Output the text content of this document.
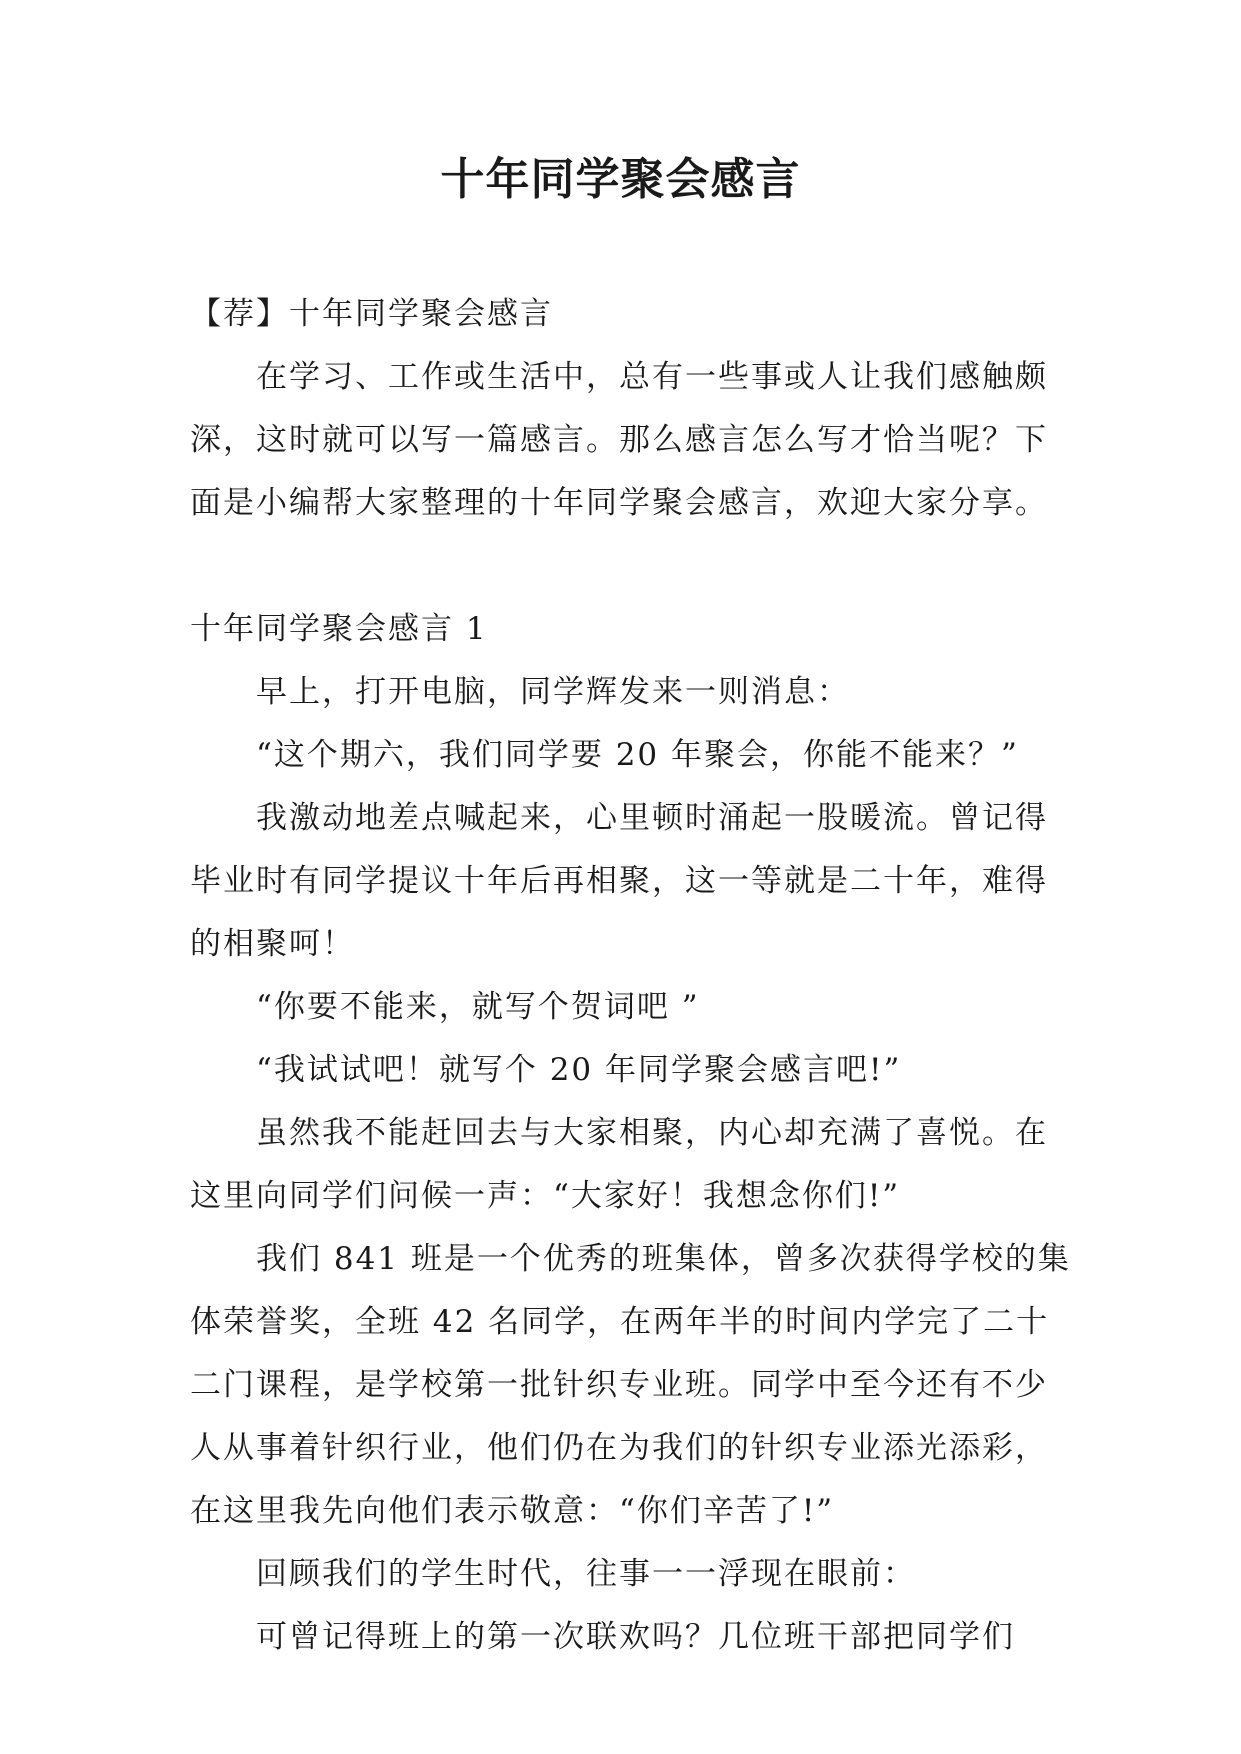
十年同学聚会感言
【荐】十年同学聚会感言
在学习、工作或生活中，总有一些事或人让我们感触颇
深，这时就可以写一篇感言。那么感言怎么写才恰当呢？下
面是小编帮大家整理的十年同学聚会感言，欢迎大家分享。
十年同学聚会感言 1
早上，打开电脑，同学辉发来一则消息：
“这个期六，我们同学要 20 年聚会，你能不能来？”
我激动地差点喊起来，心里顿时涌起一股暖流。曾记得
毕业时有同学提议十年后再相聚，这一等就是二十年，难得
的相聚呵！
“你要不能来，就写个贺词吧 ”
“我试试吧！就写个 20 年同学聚会感言吧!”
虽然我不能赶回去与大家相聚，内心却充满了喜悦。在
这里向同学们问候一声：“大家好！我想念你们!”
我们 841 班是一个优秀的班集体，曾多次获得学校的集
体荣誉奖，全班 42 名同学，在两年半的时间内学完了二十
二门课程，是学校第一批针织专业班。同学中至今还有不少
人从事着针织行业，他们仍在为我们的针织专业添光添彩，
在这里我先向他们表示敬意：“你们辛苦了!”
回顾我们的学生时代，往事一一浮现在眼前：
可曾记得班上的第一次联欢吗？几位班干部把同学们
